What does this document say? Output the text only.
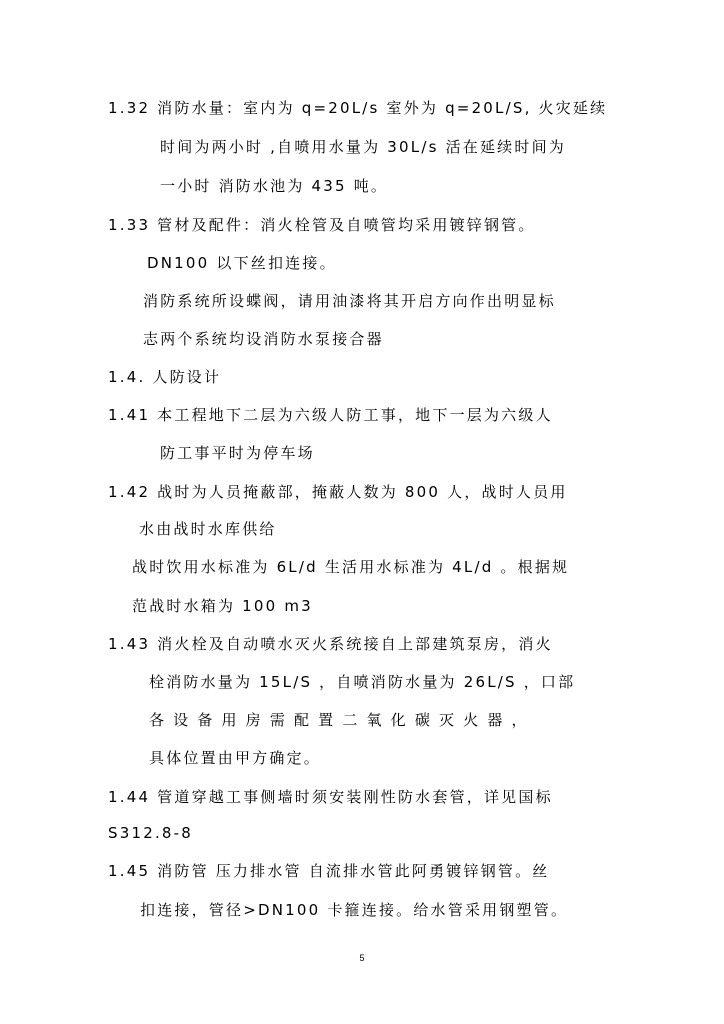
1.32 消防水量：室内为 q=20L/s 室外为 q=20L/S, 火灾延续
时间为两小时 ,自喷用水量为 30L/s 活在延续时间为
一小时 消防水池为 435 吨。
1.33 管材及配件：消火栓管及自喷管均采用镀锌钢管。
DN100 以下丝扣连接。
消防系统所设蝶阀，请用油漆将其开启方向作出明显标
志两个系统均设消防水泵接合器
1.4. 人防设计
1.41 本工程地下二层为六级人防工事，地下一层为六级人
防工事平时为停车场
1.42 战时为人员掩蔽部，掩蔽人数为 800 人，战时人员用
水由战时水库供给
战时饮用水标准为 6L/d 生活用水标准为 4L/d 。根据规
范战时水箱为 100 m3
1.43 消火栓及自动喷水灭火系统接自上部建筑泵房，消火
栓消防水量为 15L/S ，自喷消防水量为 26L/S ，口部
各 设 备 用 房 需 配 置 二 氧 化 碳 灭 火 器 ，
具体位置由甲方确定。
1.44 管道穿越工事侧墙时须安装刚性防水套管，详见国标
S312.8-8
1.45 消防管 压力排水管 自流排水管此阿勇镀锌钢管。丝
扣连接，管径>DN100 卡箍连接。给水管采用钢塑管。
5
